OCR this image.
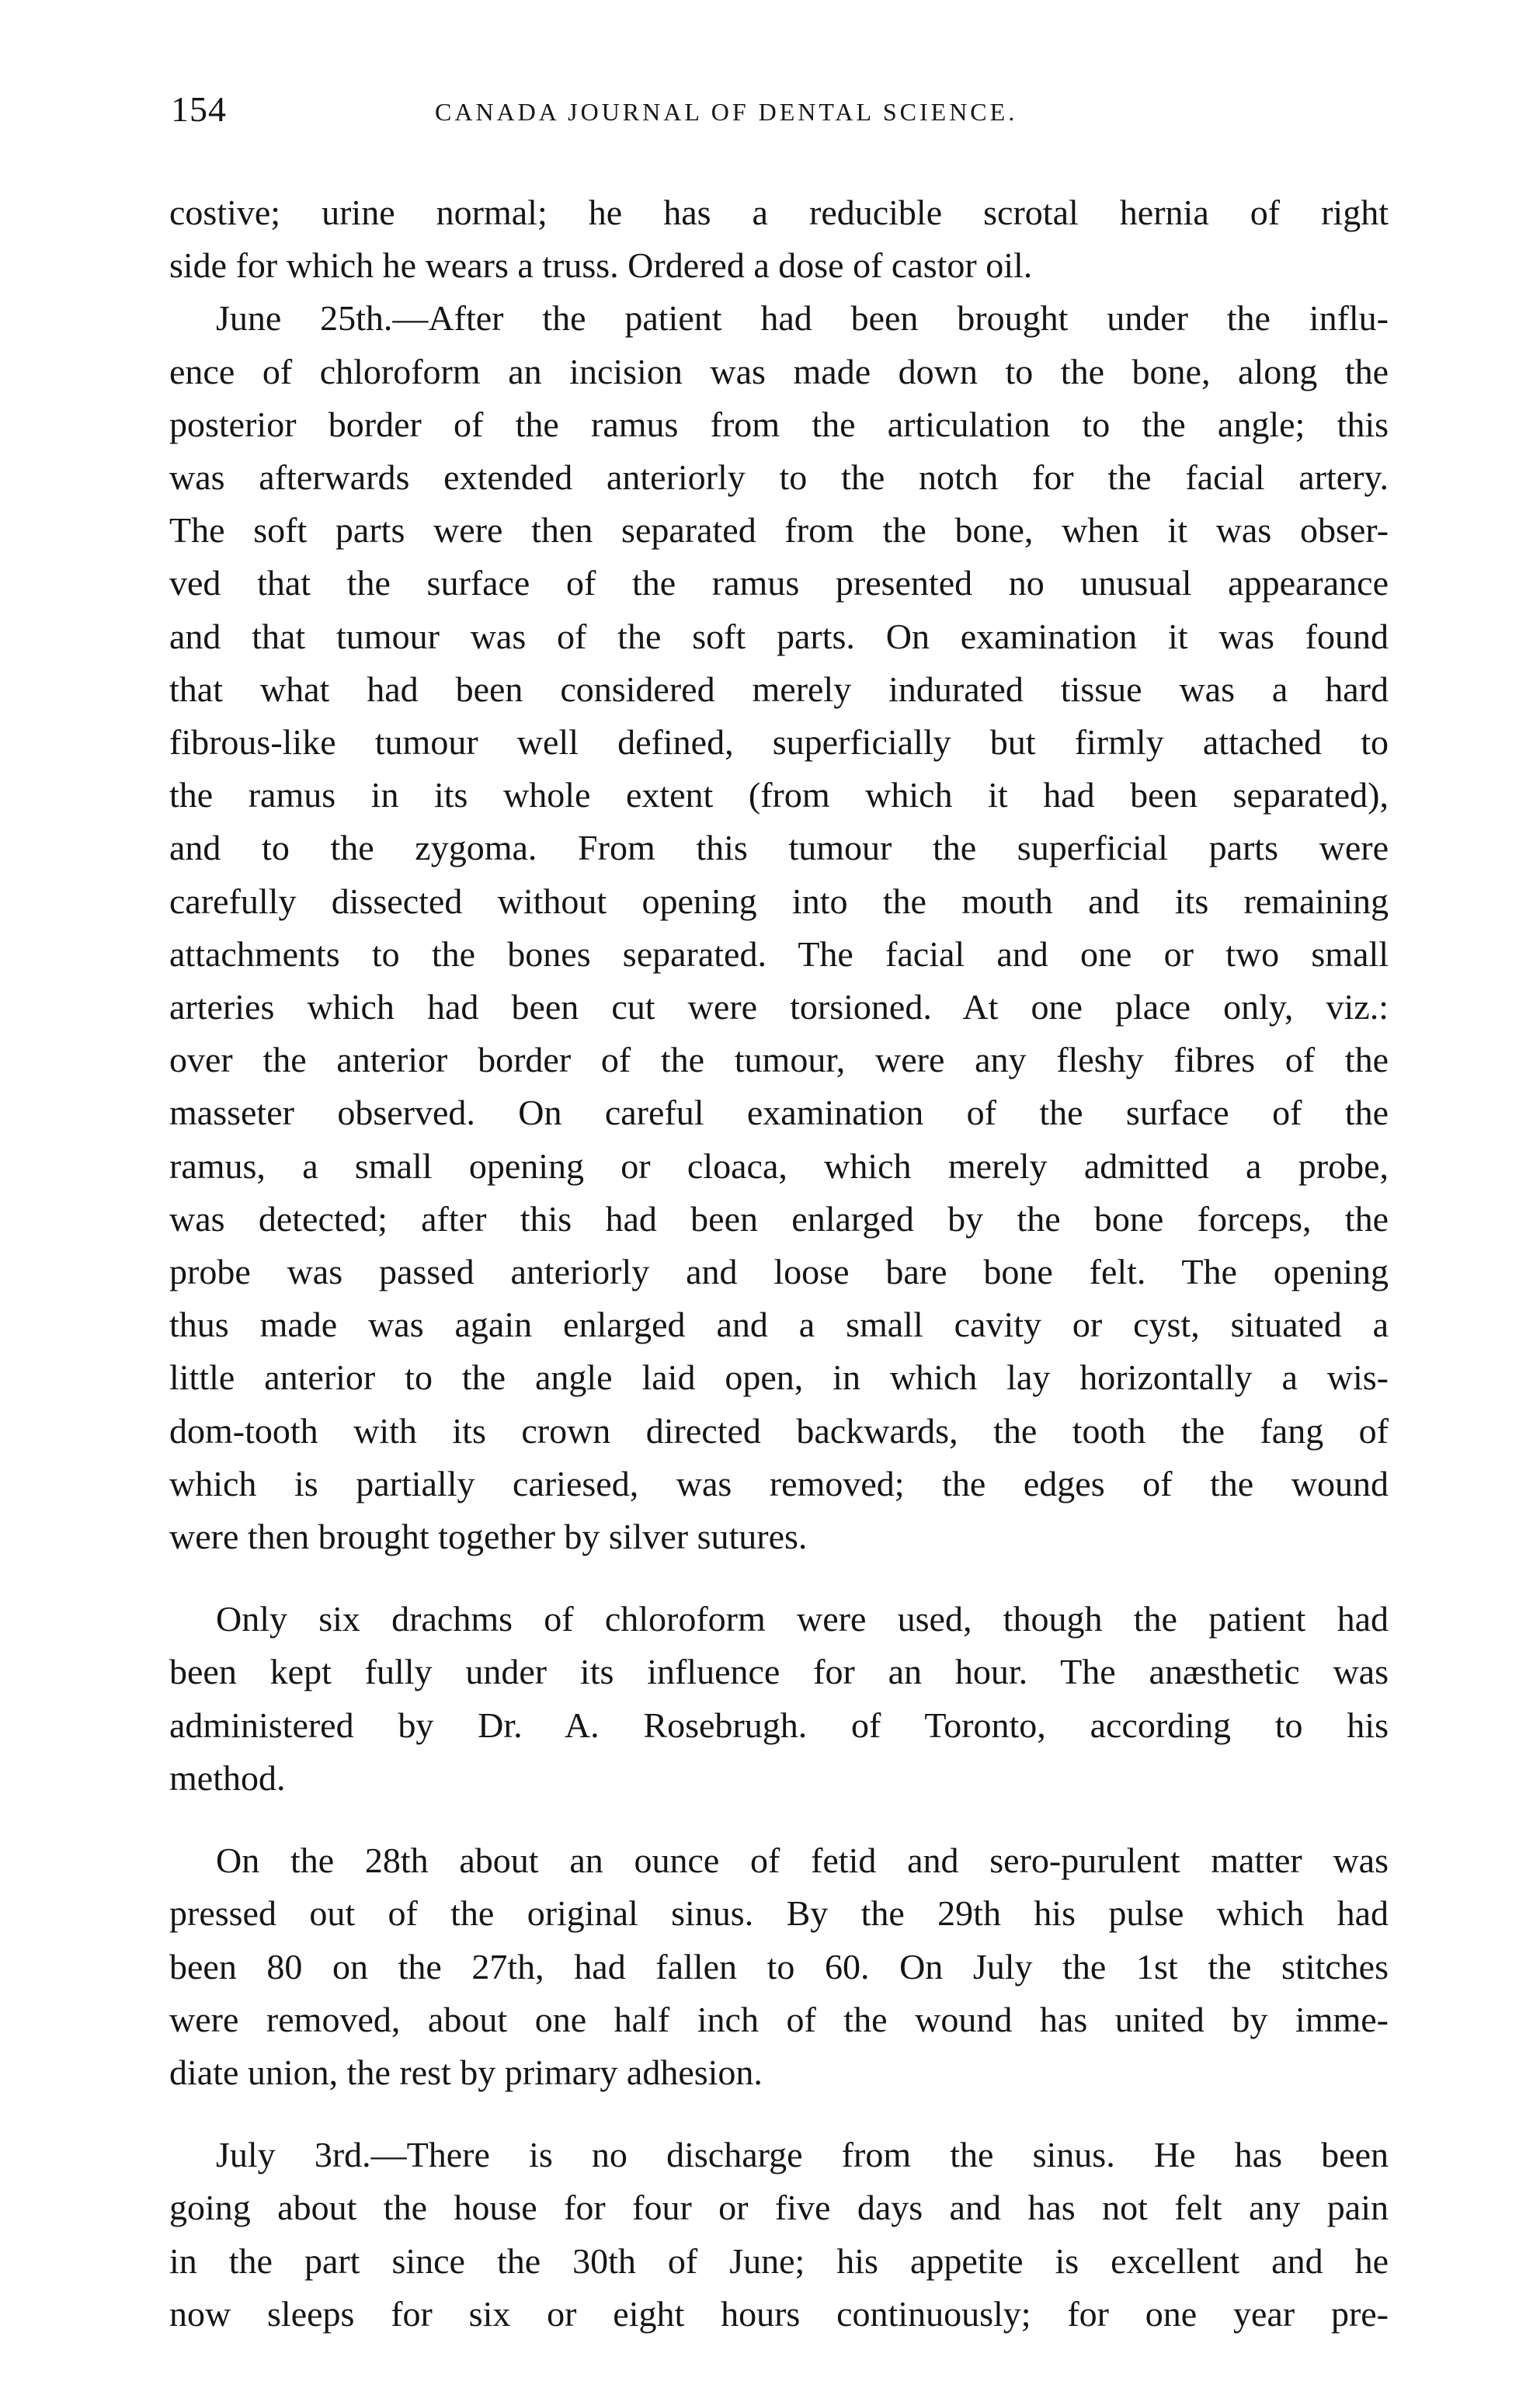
154	CANADA JOURNAL OF DENTAL SCIENCE.

costive; urine normal; he has a reducible scrotal hernia of right
side for which he wears a truss. Ordered a dose of castor oil.

June 25th.—After the patient had been brought under the influ-
ence of chloroform an incision was made down to the bone, along the
posterior border of the ramus from the articulation to the angle; this
was afterwards extended anteriorly to the notch for the facial artery.
The soft parts were then separated from the bone, when it was obser-
ved that the surface of the ramus presented no unusual appearance
and that tumour was of the soft parts. On examination it was found
that what had been considered merely indurated tissue was a hard
fibrous-like tumour well defined, superficially but firmly attached to
the ramus in its whole extent (from which it had been separated),
and to the zygoma. From this tumour the superficial parts were
carefully dissected without opening into the mouth and its remaining
attachments to the bones separated. The facial and one or two small
arteries which had been cut were torsioned. At one place only, viz.:
over the anterior border of the tumour, were any fleshy fibres of the
masseter observed. On careful examination of the surface of the
ramus, a small opening or cloaca, which merely admitted a probe,
was detected; after this had been enlarged by the bone forceps, the
probe was passed anteriorly and loose bare bone felt. The opening
thus made was again enlarged and a small cavity or cyst, situated a
little anterior to the angle laid open, in which lay horizontally a wis-
dom-tooth with its crown directed backwards, the tooth the fang of
which is partially cariesed, was removed; the edges of the wound
were then brought together by silver sutures.

Only six drachms of chloroform were used, though the patient had
been kept fully under its influence for an hour. The anæsthetic was
administered by Dr. A. Rosebrugh. of Toronto, according to his
method.

On the 28th about an ounce of fetid and sero-purulent matter was
pressed out of the original sinus. By the 29th his pulse which had
been 80 on the 27th, had fallen to 60. On July the 1st the stitches
were removed, about one half inch of the wound has united by imme-
diate union, the rest by primary adhesion.

July 3rd.—There is no discharge from the sinus. He has been
going about the house for four or five days and has not felt any pain
in the part since the 30th of June; his appetite is excellent and he
now sleeps for six or eight hours continuously; for one year pre-
